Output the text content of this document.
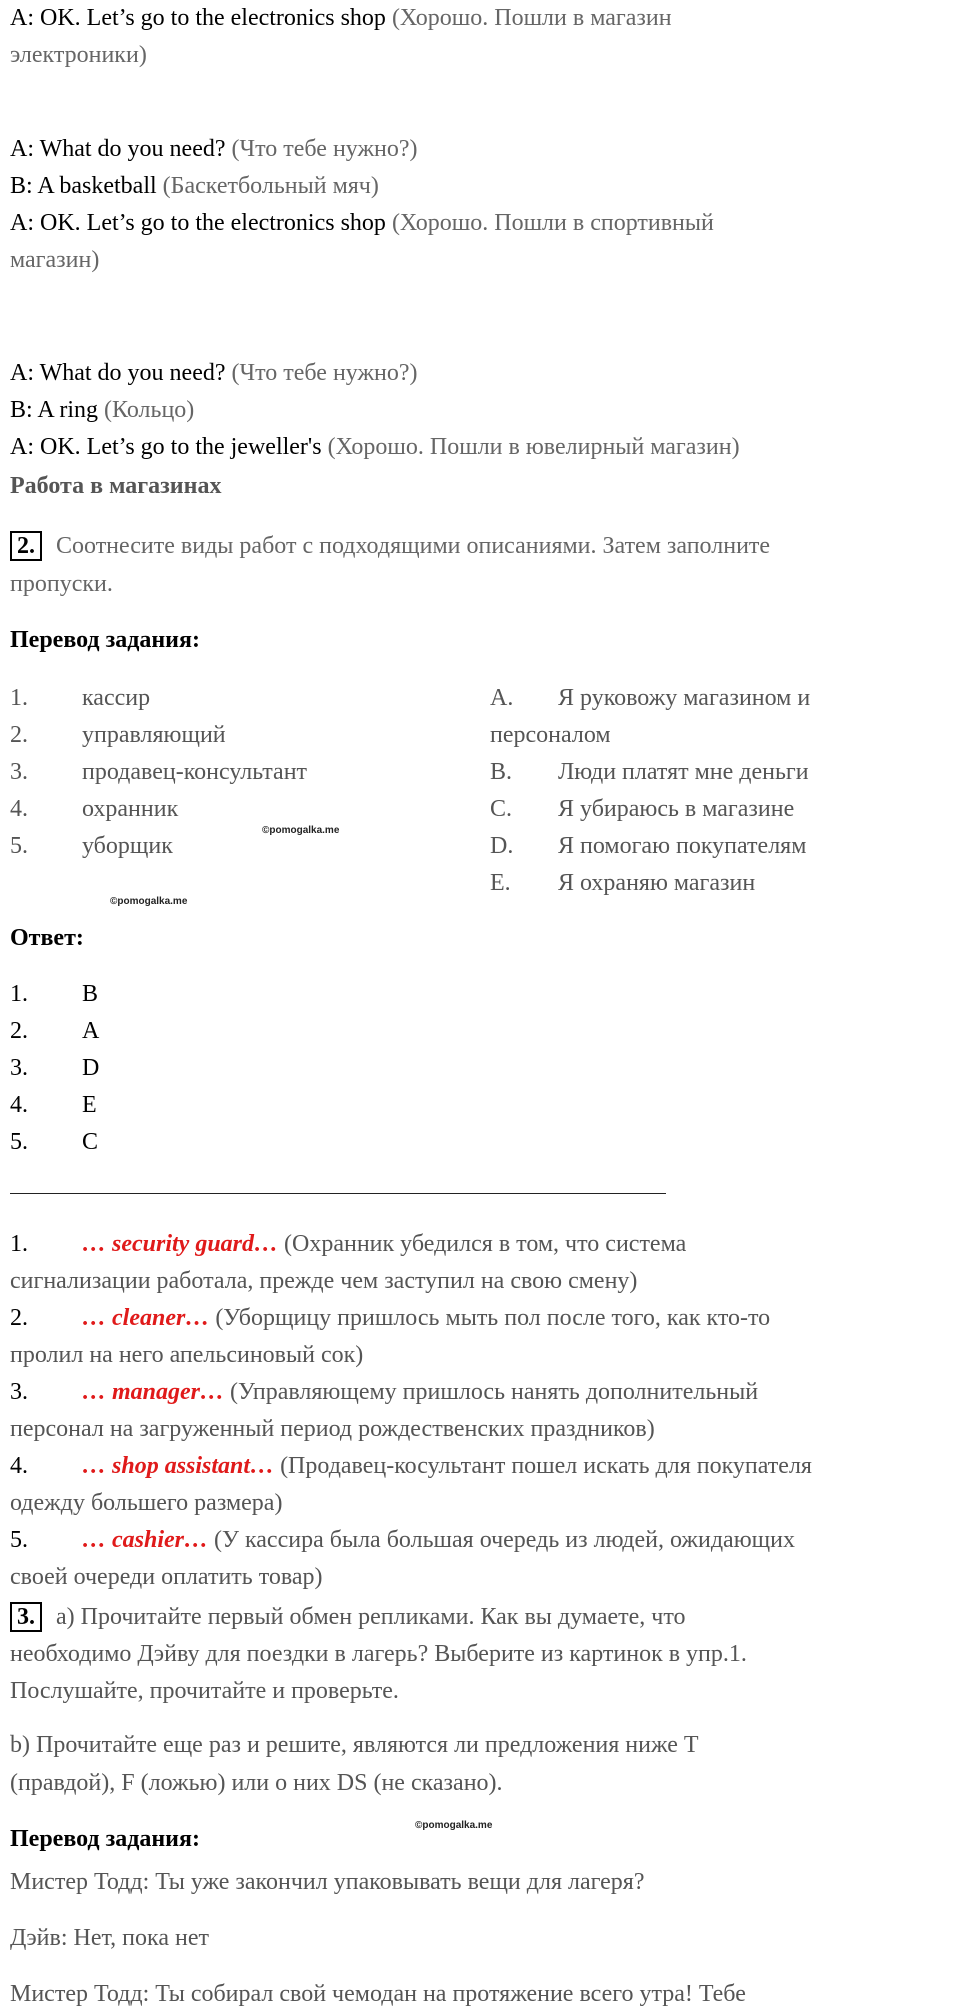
A: OK. Let’s go to the electronics shop (Хорошо. Пошли в магазин
электроники)
A: What do you need? (Что тебе нужно?)
B: A basketball (Баскетбольный мяч)
A: OK. Let’s go to the electronics shop (Хорошо. Пошли в спортивный
магазин)
A: What do you need? (Что тебе нужно?)
B: A ring (Кольцо)
A: OK. Let’s go to the jeweller's (Хорошо. Пошли в ювелирный магазин)
Работа в магазинах
2. Соотнесите виды работ с подходящими описаниями. Затем заполните
пропуски.
Перевод задания:
1. кассир
2. управляющий
3. продавец-консультант
4. охранник
5. уборщик
A. Я руковожу магазином и
персоналом
B. Люди платят мне деньги
C. Я убираюсь в магазине
D. Я помогаю покупателям
E. Я охраняю магазин
Ответ:
1. B
2. A
3. D
4. E
5. C
1. … security guard… (Охранник убедился в том, что система
сигнализации работала, прежде чем заступил на свою смену)
2. … cleaner… (Уборщицу пришлось мыть пол после того, как кто-то
пролил на него апельсиновый сок)
3. … manager… (Управляющему пришлось нанять дополнительный
персонал на загруженный период рождественских праздников)
4. … shop assistant… (Продавец-косультант пошел искать для покупателя
одежду большего размера)
5. … cashier… (У кассира была большая очередь из людей, ожидающих
своей очереди оплатить товар)
3. a) Прочитайте первый обмен репликами. Как вы думаете, что
необходимо Дэйву для поездки в лагерь? Выберите из картинок в упр.1.
Послушайте, прочитайте и проверьте.
b) Прочитайте еще раз и решите, являются ли предложения ниже T
(правдой), F (ложью) или о них DS (не сказано).
Перевод задания:
Мистер Тодд: Ты уже закончил упаковывать вещи для лагеря?
Дэйв: Нет, пока нет
Мистер Тодд: Ты собирал свой чемодан на протяжение всего утра! Тебе
©pomogalka.me
©pomogalka.me
©pomogalka.me
